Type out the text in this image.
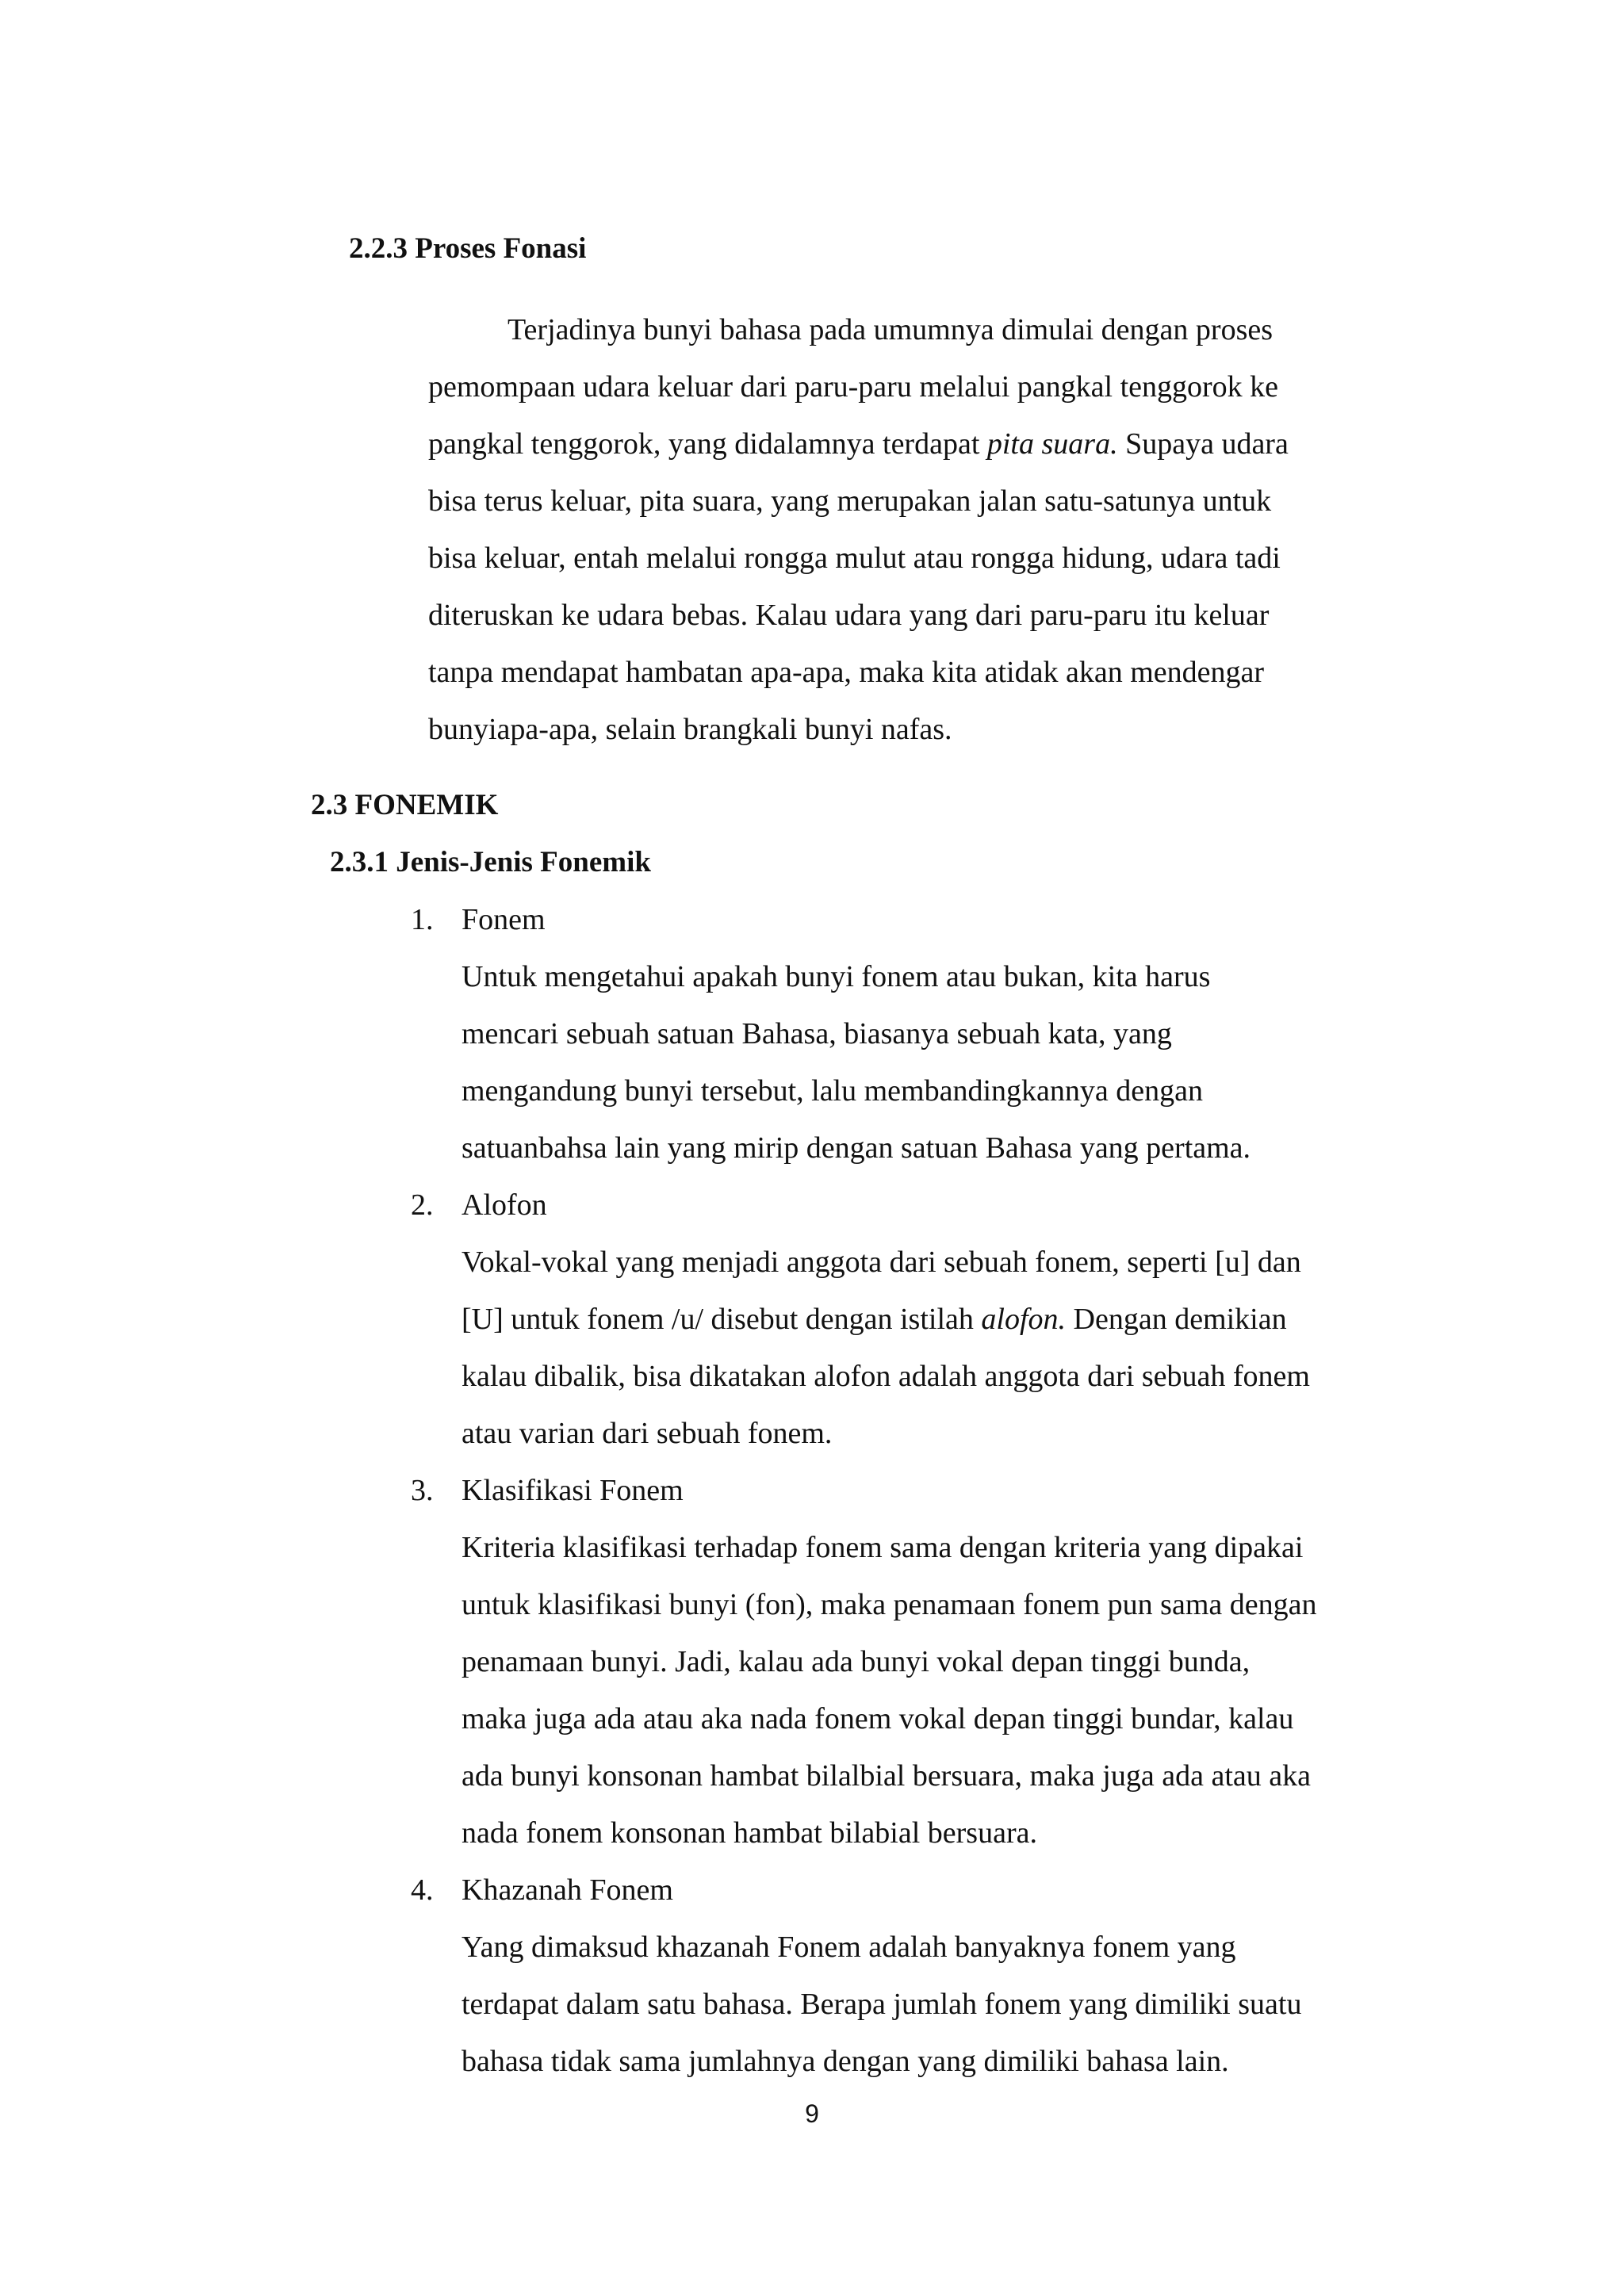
2.2.3 Proses Fonasi
Terjadinya bunyi bahasa pada umumnya dimulai dengan proses
pemompaan udara keluar dari paru-paru melalui pangkal tenggorok ke
pangkal tenggorok, yang didalamnya terdapat pita suara. Supaya udara
bisa terus keluar, pita suara, yang merupakan jalan satu-satunya untuk
bisa keluar, entah melalui rongga mulut atau rongga hidung, udara tadi
diteruskan ke udara bebas. Kalau udara yang dari paru-paru itu keluar
tanpa mendapat hambatan apa-apa, maka kita atidak akan mendengar
bunyiapa-apa, selain brangkali bunyi nafas.
2.3 FONEMIK
2.3.1 Jenis-Jenis Fonemik
1. Fonem
Untuk mengetahui apakah bunyi fonem atau bukan, kita harus
mencari sebuah satuan Bahasa, biasanya sebuah kata, yang
mengandung bunyi tersebut, lalu membandingkannya dengan
satuanbahsa lain yang mirip dengan satuan Bahasa yang pertama.
2. Alofon
Vokal-vokal yang menjadi anggota dari sebuah fonem, seperti [u] dan
[U] untuk fonem /u/ disebut dengan istilah alofon. Dengan demikian
kalau dibalik, bisa dikatakan alofon adalah anggota dari sebuah fonem
atau varian dari sebuah fonem.
3. Klasifikasi Fonem
Kriteria klasifikasi terhadap fonem sama dengan kriteria yang dipakai
untuk klasifikasi bunyi (fon), maka penamaan fonem pun sama dengan
penamaan bunyi. Jadi, kalau ada bunyi vokal depan tinggi bunda,
maka juga ada atau aka nada fonem vokal depan tinggi bundar, kalau
ada bunyi konsonan hambat bilalbial bersuara, maka juga ada atau aka
nada fonem konsonan hambat bilabial bersuara.
4. Khazanah Fonem
Yang dimaksud khazanah Fonem adalah banyaknya fonem yang
terdapat dalam satu bahasa. Berapa jumlah fonem yang dimiliki suatu
bahasa tidak sama jumlahnya dengan yang dimiliki bahasa lain.
9
